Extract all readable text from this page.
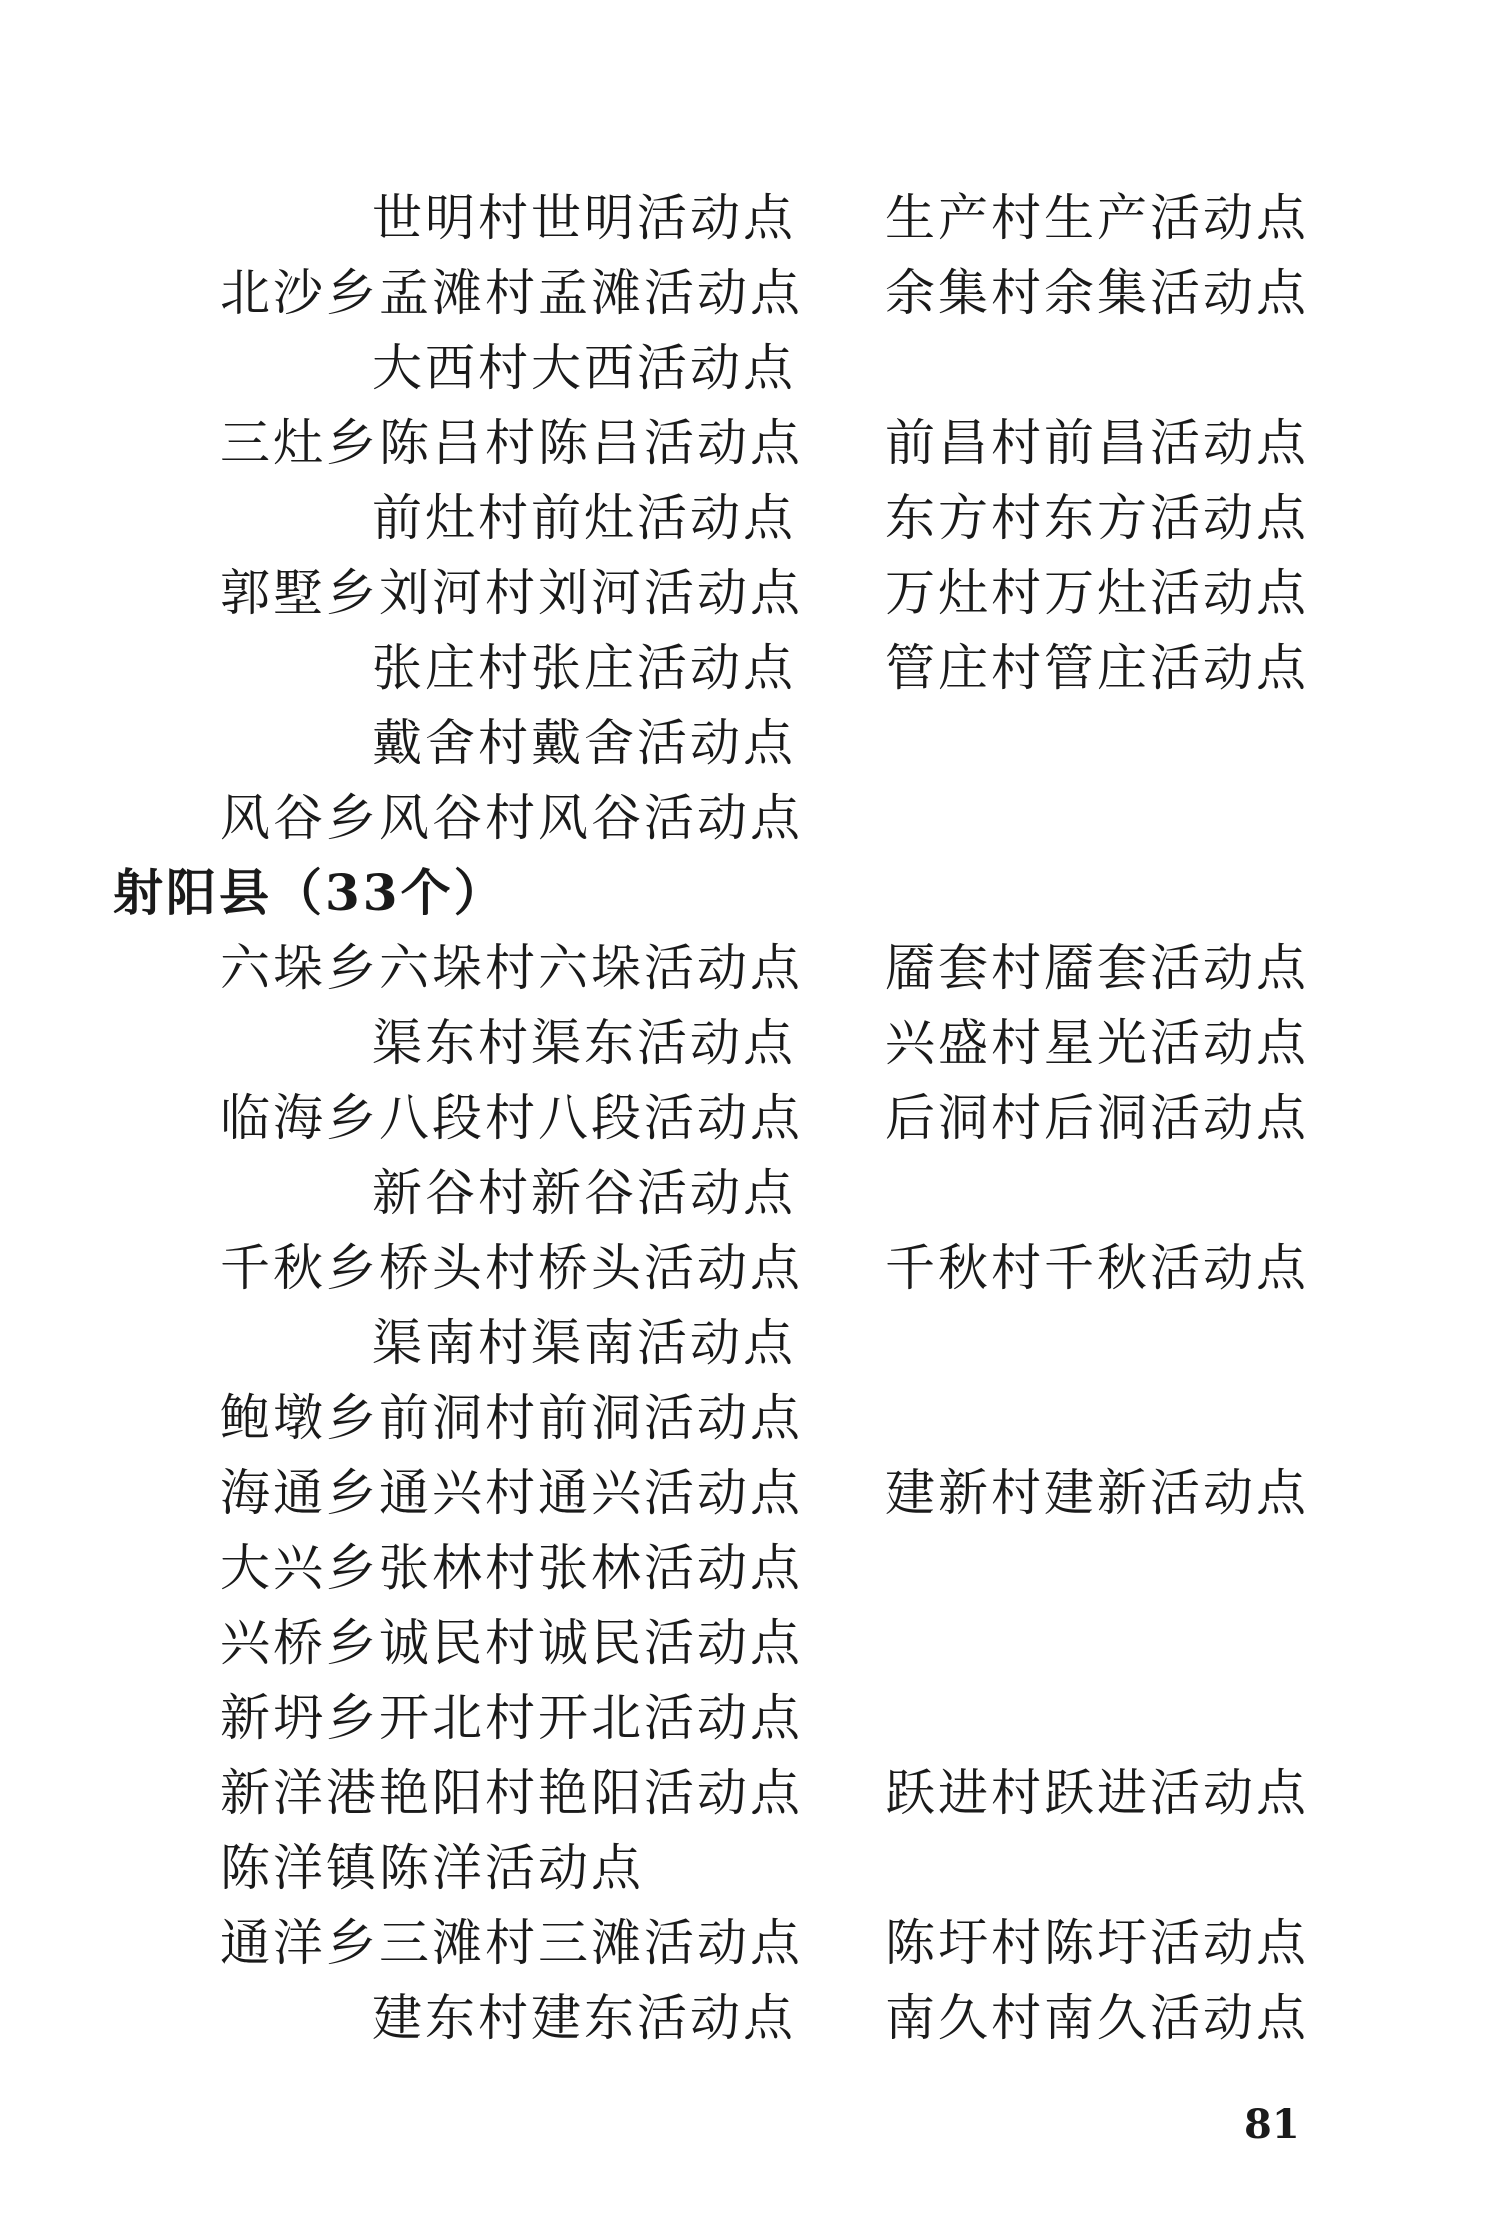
世明村世明活动点 生产村生产活动点
北沙乡孟滩村孟滩活动点 余集村余集活动点
大西村大西活动点
三灶乡陈吕村陈吕活动点 前昌村前昌活动点
前灶村前灶活动点 东方村东方活动点
郭墅乡刘河村刘河活动点 万灶村万灶活动点
张庄村张庄活动点 管庄村管庄活动点
戴舍村戴舍活动点
风谷乡风谷村风谷活动点
射阳县（33个）
六垛乡六垛村六垛活动点 靥套村靥套活动点
渠东村渠东活动点 兴盛村星光活动点
临海乡八段村八段活动点 后洞村后洞活动点
新谷村新谷活动点
千秋乡桥头村桥头活动点 千秋村千秋活动点
渠南村渠南活动点
鲍墩乡前洞村前洞活动点
海通乡通兴村通兴活动点 建新村建新活动点
大兴乡张林村张林活动点
兴桥乡诚民村诚民活动点
新坍乡开北村开北活动点
新洋港艳阳村艳阳活动点 跃进村跃进活动点
陈洋镇陈洋活动点
通洋乡三滩村三滩活动点 陈圩村陈圩活动点
建东村建东活动点 南久村南久活动点
81
